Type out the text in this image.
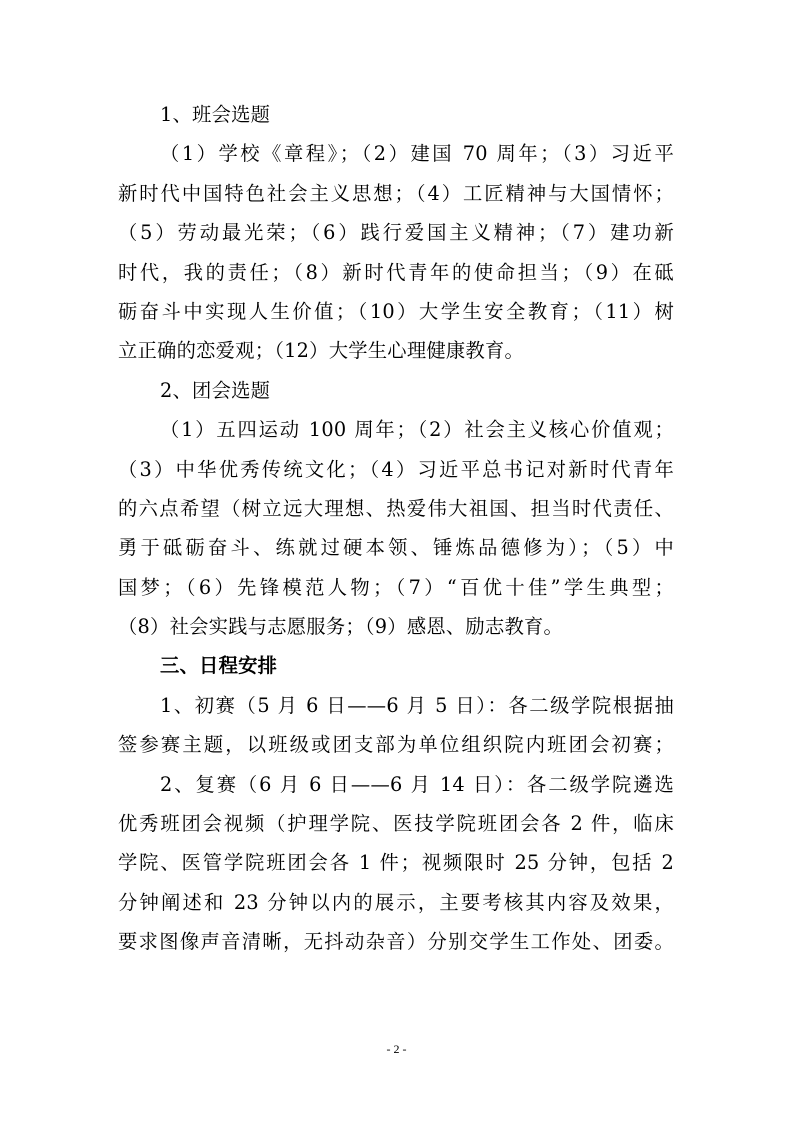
1、班会选题
（1）学校《章程》；（2）建国 70 周年；（3）习近平
新时代中国特色社会主义思想；（4）工匠精神与大国情怀；
（5）劳动最光荣；（6）践行爱国主义精神；（7）建功新
时代，我的责任；（8）新时代青年的使命担当；（9）在砥
砺奋斗中实现人生价值；（10）大学生安全教育；（11）树
立正确的恋爱观；（12）大学生心理健康教育。
2、团会选题
（1）五四运动 100 周年；（2）社会主义核心价值观；
（3）中华优秀传统文化；（4）习近平总书记对新时代青年
的六点希望（树立远大理想、热爱伟大祖国、担当时代责任、
勇于砥砺奋斗、练就过硬本领、锤炼品德修为）；（5）中
国梦；（6）先锋模范人物；（7）“百优十佳”学生典型；
（8）社会实践与志愿服务；（9）感恩、励志教育。
三、日程安排
1、初赛（5 月 6 日——6 月 5 日）：各二级学院根据抽
签参赛主题，以班级或团支部为单位组织院内班团会初赛；
2、复赛（6 月 6 日——6 月 14 日）：各二级学院遴选
优秀班团会视频（护理学院、医技学院班团会各 2 件，临床
学院、医管学院班团会各 1 件；视频限时 25 分钟，包括 2
分钟阐述和 23 分钟以内的展示，主要考核其内容及效果，
要求图像声音清晰，无抖动杂音）分别交学生工作处、团委。
- 2 -
